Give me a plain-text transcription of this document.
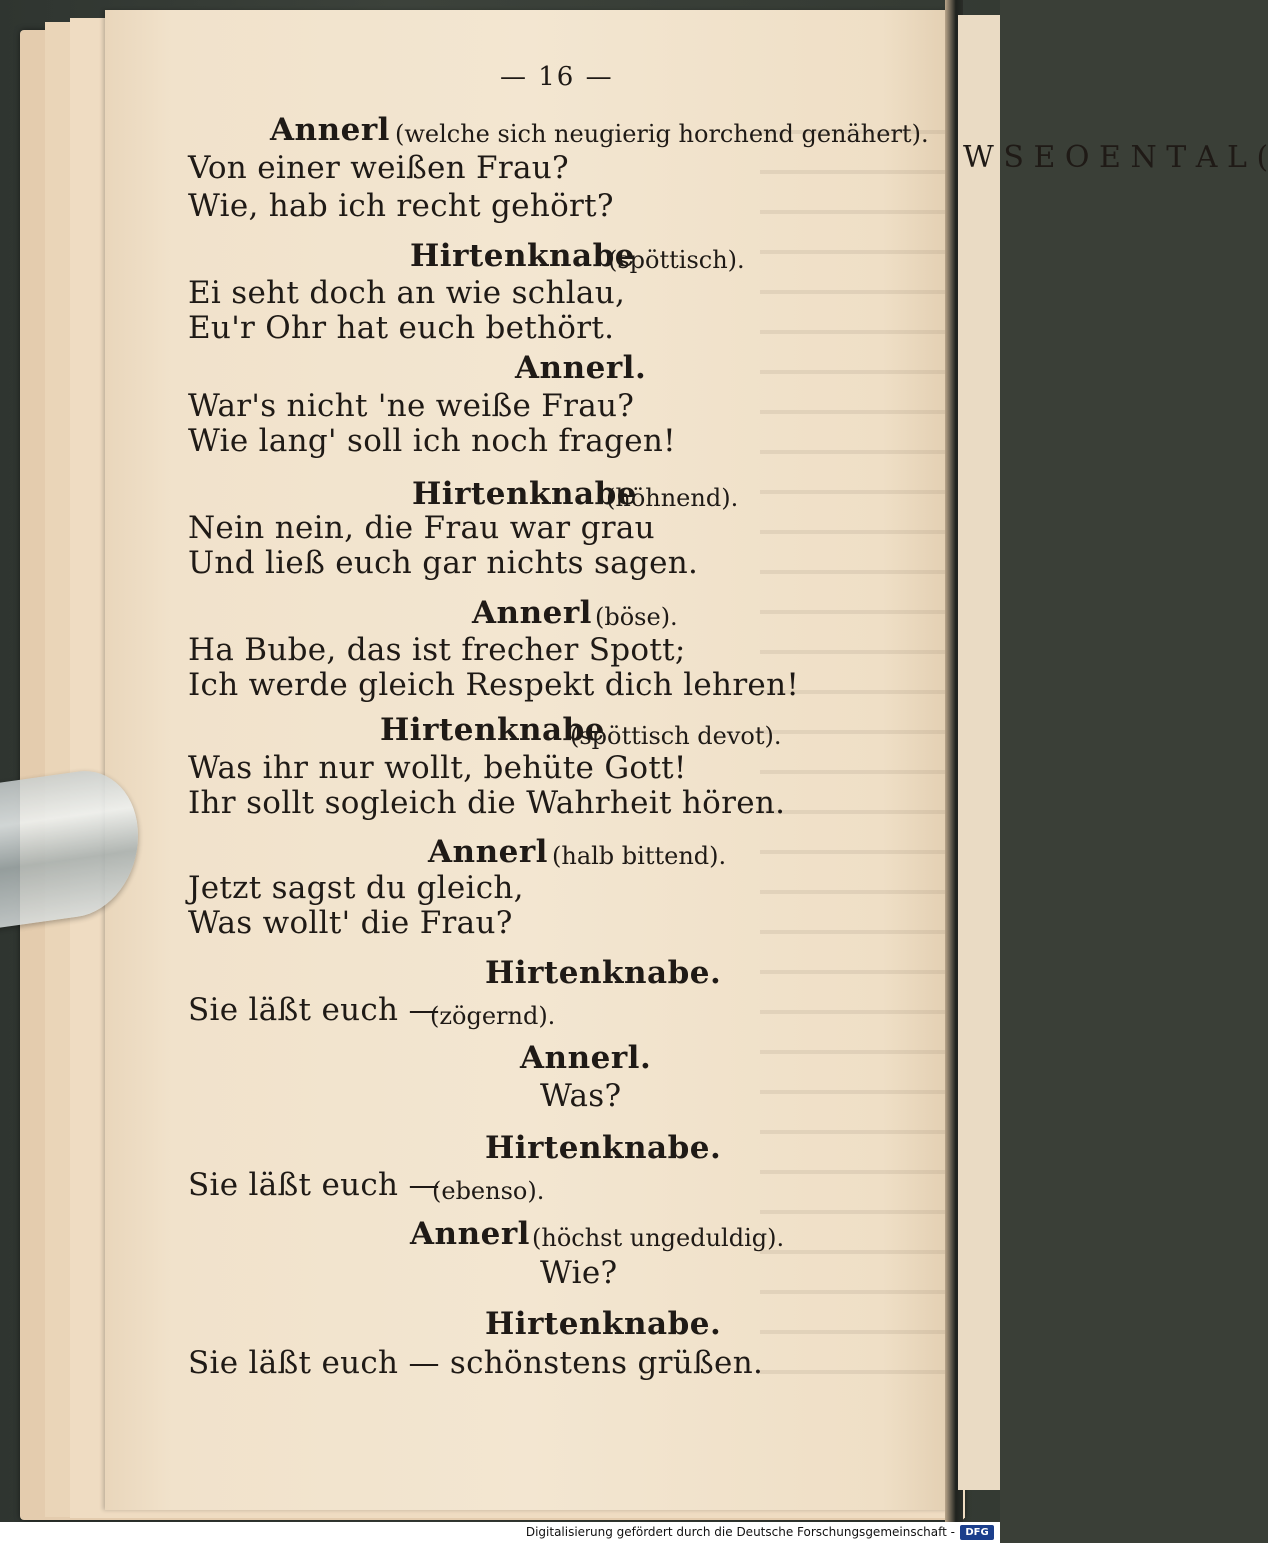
W S E O E N T A L (
— 16 —
Annerl (welche sich neugierig horchend genähert).
Von einer weißen Frau?
Wie, hab ich recht gehört?
Hirtenknabe
(spöttisch).
Ei seht doch an wie schlau,
Eu'r Ohr hat euch bethört.
Annerl.
War's nicht 'ne weiße Frau?
Wie lang' soll ich noch fragen!
Hirtenknabe
(höhnend).
Nein nein, die Frau war grau
Und ließ euch gar nichts sagen.
Annerl (böse).
Ha Bube, das ist frecher Spott;
Ich werde gleich Respekt dich lehren!
Hirtenknabe
(spöttisch devot).
Was ihr nur wollt, behüte Gott!
Ihr sollt sogleich die Wahrheit hören.
Annerl (halb bittend).
Jetzt sagst du gleich,
Was wollt' die Frau?
Hirtenknabe.
Sie läßt euch —
(zögernd).
Annerl.
Was?
Hirtenknabe.
Sie läßt euch —
(ebenso).
Annerl (höchst ungeduldig).
Wie?
Hirtenknabe.
Sie läßt euch — schönstens grüßen.
Digitalisierung gefördert durch die Deutsche Forschungsgemeinschaft -	DFG
